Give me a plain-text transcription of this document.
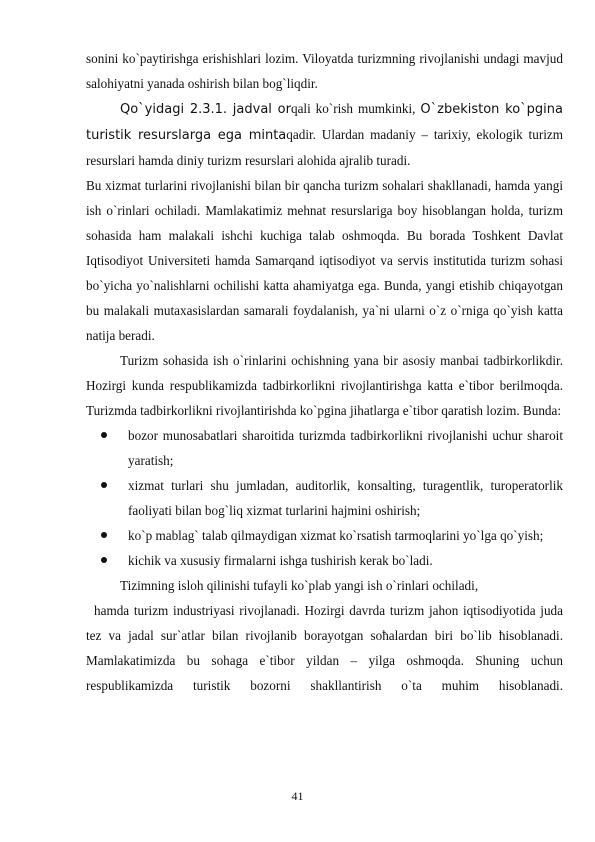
sonini ko`paytirishga erishishlari lozim. Viloyatda turizmning rivojlanishi undagi mavjud salohiyatni yanada oshirish bilan bog`liqdir.

Qo`yidagi 2.3.1. jadval orqali ko`rish mumkinki, O`zbekiston ko`pgina turistik resurslarga ega mintaqadir. Ulardan madaniy – tarixiy, ekologik turizm resurslari hamda diniy turizm resurslari alohida ajralib turadi.

Bu xizmat turlarini rivojlanishi bilan bir qancha turizm sohalari shakllanadi, hamda yangi ish o`rinlari ochiladi. Mamlakatimiz mehnat resurslariga boy hisoblangan holda, turizm sohasida ham malakali ishchi kuchiga talab oshmoqda. Bu borada Toshkent Davlat Iqtisodiyot Universiteti hamda Samarqand iqtisodiyot va servis institutida turizm sohasi bo`yicha yo`nalishlarni ochilishi katta ahamiyatga ega. Bunda, yangi etishib chiqayotgan bu malakali mutaxasislardan samarali foydalanish, ya`ni ularni o`z o`rniga qo`yish katta natija beradi.

Turizm sohasida ish o`rinlarini ochishning yana bir asosiy manbai tadbirkorlikdir. Hozirgi kunda respublikamizda tadbirkorlikni rivojlantirishga katta e`tibor berilmoqda. Turizmda tadbirkorlikni rivojlantirishda ko`pgina jihatlarga e`tibor qaratish lozim. Bunda:

bozor munosabatlari sharoitida turizmda tadbirkorlikni rivojlanishi uchur sharoit yaratish;
xizmat turlari shu jumladan, auditorlik, konsalting, turagentlik, turoperatorlik faoliyati bilan bog`liq xizmat turlarini hajmini oshirish;
ko`p mablag` talab qilmaydigan xizmat ko`rsatish tarmoqlarini yo`lga qo`yish;
kichik va xususiy firmalarni ishga tushirish kerak bo`ladi.

Tizimning isloh qilinishi tufayli ko`plab yangi ish o`rinlari ochiladi,

hamda turizm industriyasi rivojlanadi. Hozirgi davrda turizm jahon iqtisodiyotida juda tez va jadal sur`atlar bilan rivojlanib borayotgan soħalardan biri bo`lib ħisoblanadi. Mamlakatimizda bu sohaga e`tibor yildan – yilga oshmoqda. Shuning uchun respublikamizda turistik bozorni shakllantirish o`ta muhim hisoblanadi.

41
